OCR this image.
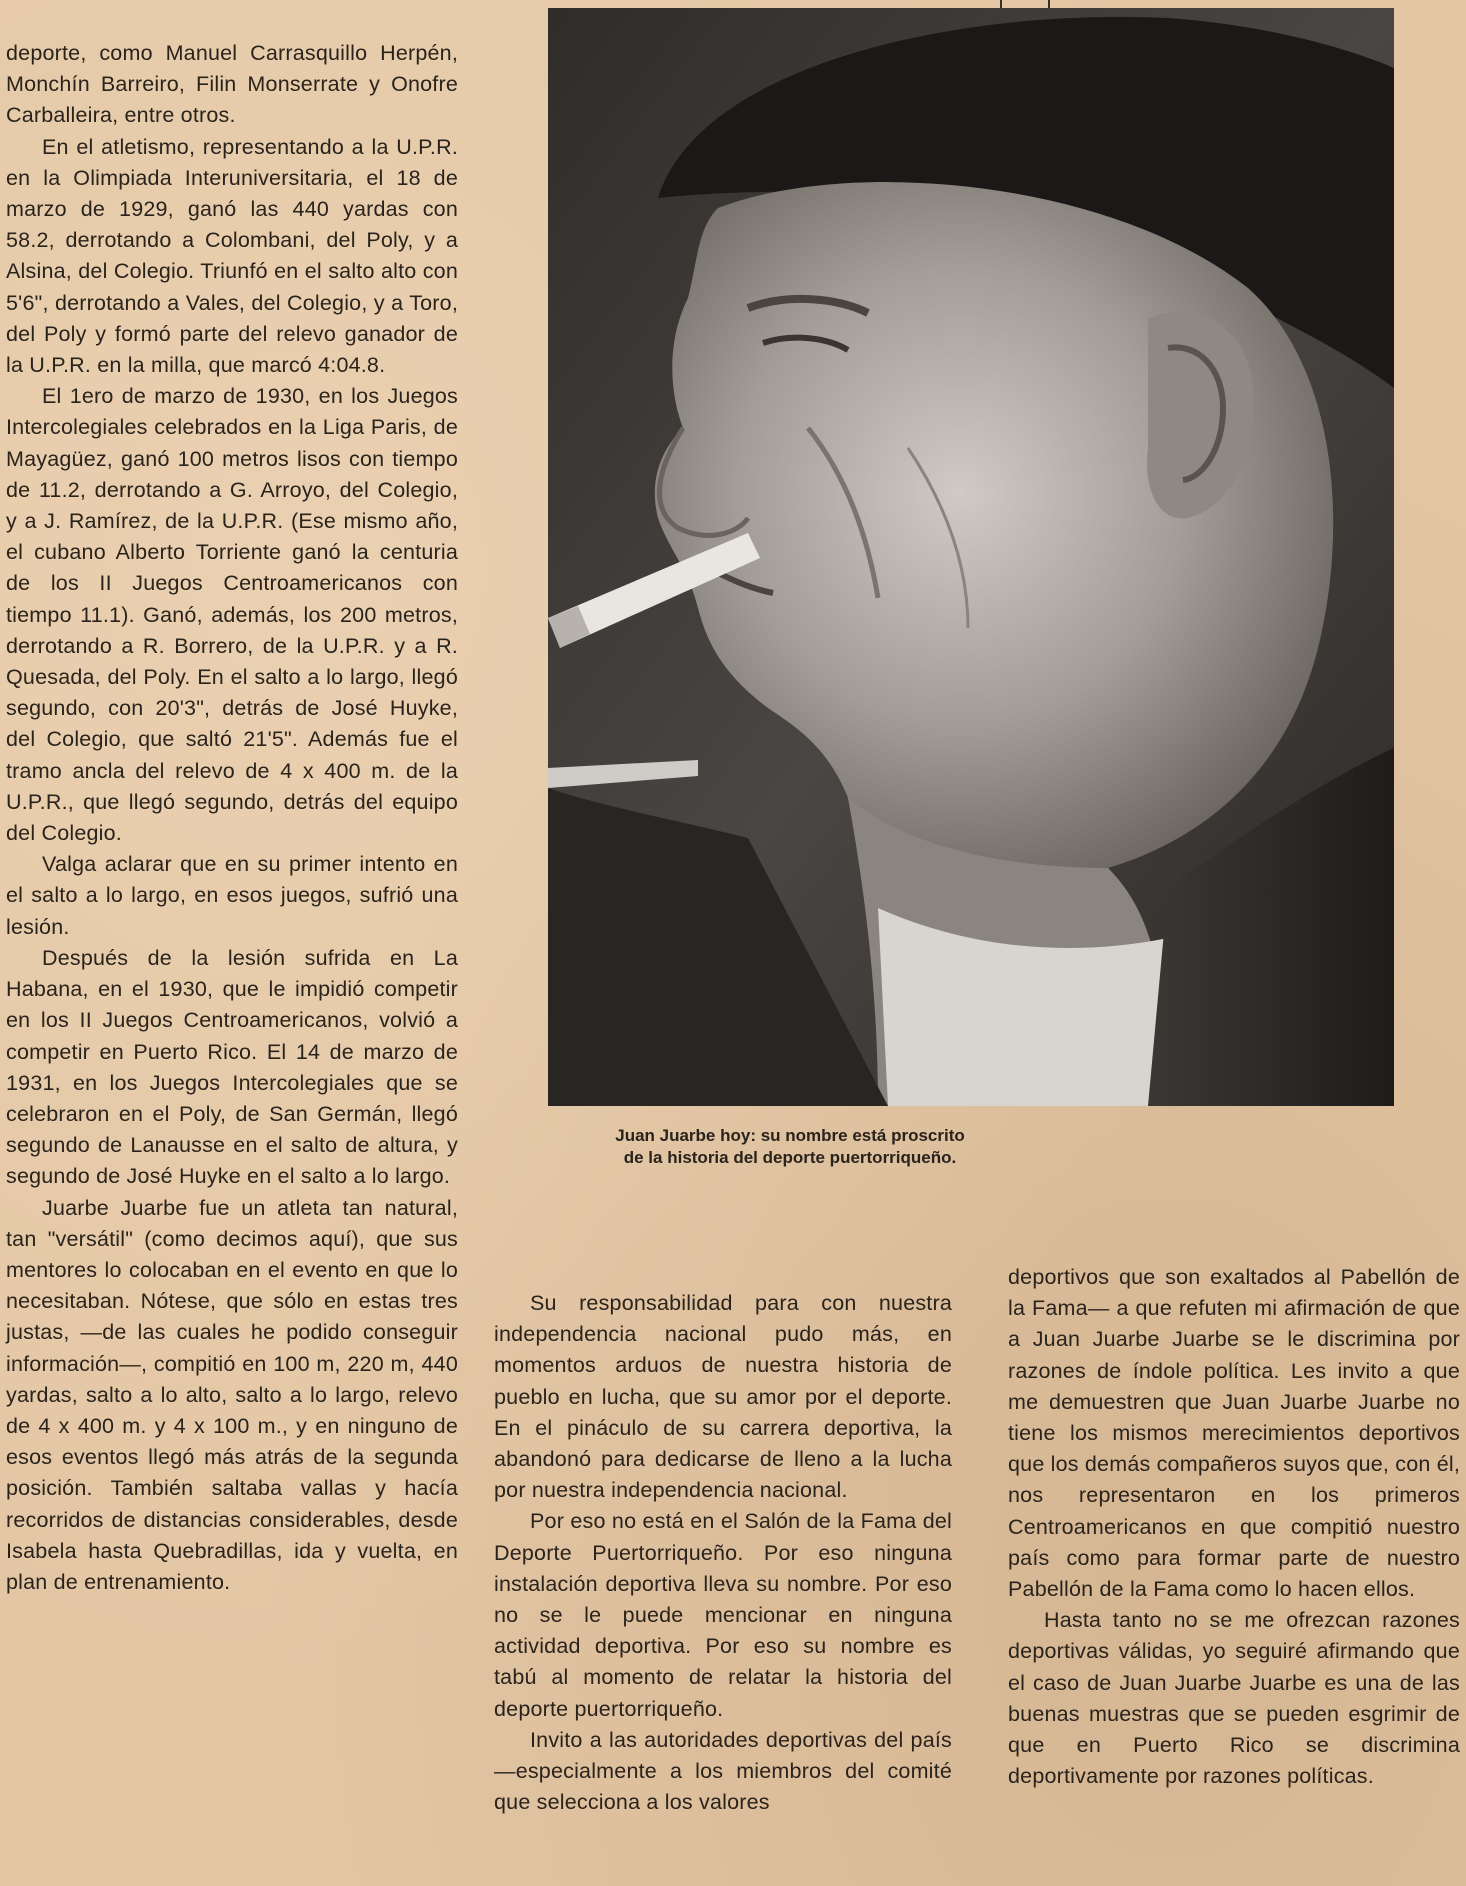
deporte, como Manuel Carrasquillo Herpén, Monchín Barreiro, Filin Monserrate y Onofre Carballeira, entre otros.

En el atletismo, representando a la U.P.R. en la Olimpiada Interuniversitaria, el 18 de marzo de 1929, ganó las 440 yardas con 58.2, derrotando a Colombani, del Poly, y a Alsina, del Colegio. Triunfó en el salto alto con 5'6", derrotando a Vales, del Colegio, y a Toro, del Poly y formó parte del relevo ganador de la U.P.R. en la milla, que marcó 4:04.8.

El 1ero de marzo de 1930, en los Juegos Intercolegiales celebrados en la Liga Paris, de Mayagüez, ganó 100 metros lisos con tiempo de 11.2, derrotando a G. Arroyo, del Colegio, y a J. Ramírez, de la U.P.R. (Ese mismo año, el cubano Alberto Torriente ganó la centuria de los II Juegos Centroamericanos con tiempo 11.1). Ganó, además, los 200 metros, derrotando a R. Borrero, de la U.P.R. y a R. Quesada, del Poly. En el salto a lo largo, llegó segundo, con 20'3", detrás de José Huyke, del Colegio, que saltó 21'5". Además fue el tramo ancla del relevo de 4 x 400 m. de la U.P.R., que llegó segundo, detrás del equipo del Colegio.

Valga aclarar que en su primer intento en el salto a lo largo, en esos juegos, sufrió una lesión.

Después de la lesión sufrida en La Habana, en el 1930, que le impidió competir en los II Juegos Centroamericanos, volvió a competir en Puerto Rico. El 14 de marzo de 1931, en los Juegos Intercolegiales que se celebraron en el Poly, de San Germán, llegó segundo de Lanausse en el salto de altura, y segundo de José Huyke en el salto a lo largo.

Juarbe Juarbe fue un atleta tan natural, tan "versátil" (como decimos aquí), que sus mentores lo colocaban en el evento en que lo necesitaban. Nótese, que sólo en estas tres justas, —de las cuales he podido conseguir información—, compitió en 100 m, 220 m, 440 yardas, salto a lo alto, salto a lo largo, relevo de 4 x 400 m. y 4 x 100 m., y en ninguno de esos eventos llegó más atrás de la segunda posición. También saltaba vallas y hacía recorridos de distancias considerables, desde Isabela hasta Quebradillas, ida y vuelta, en plan de entrenamiento.

Juan Juarbe hoy: su nombre está proscrito
de la historia del deporte puertorriqueño.

Su responsabilidad para con nuestra independencia nacional pudo más, en momentos arduos de nuestra historia de pueblo en lucha, que su amor por el deporte. En el pináculo de su carrera deportiva, la abandonó para dedicarse de lleno a la lucha por nuestra independencia nacional.

Por eso no está en el Salón de la Fama del Deporte Puertorriqueño. Por eso ninguna instalación deportiva lleva su nombre. Por eso no se le puede mencionar en ninguna actividad deportiva. Por eso su nombre es tabú al momento de relatar la historia del deporte puertorriqueño.

Invito a las autoridades deportivas del país —especialmente a los miembros del comité que selecciona a los valores

deportivos que son exaltados al Pabellón de la Fama— a que refuten mi afirmación de que a Juan Juarbe Juarbe se le discrimina por razones de índole política. Les invito a que me demuestren que Juan Juarbe Juarbe no tiene los mismos merecimientos deportivos que los demás compañeros suyos que, con él, nos representaron en los primeros Centroamericanos en que compitió nuestro país como para formar parte de nuestro Pabellón de la Fama como lo hacen ellos.

Hasta tanto no se me ofrezcan razones deportivas válidas, yo seguiré afirmando que el caso de Juan Juarbe Juarbe es una de las buenas muestras que se pueden esgrimir de que en Puerto Rico se discrimina deportivamente por razones políticas.
